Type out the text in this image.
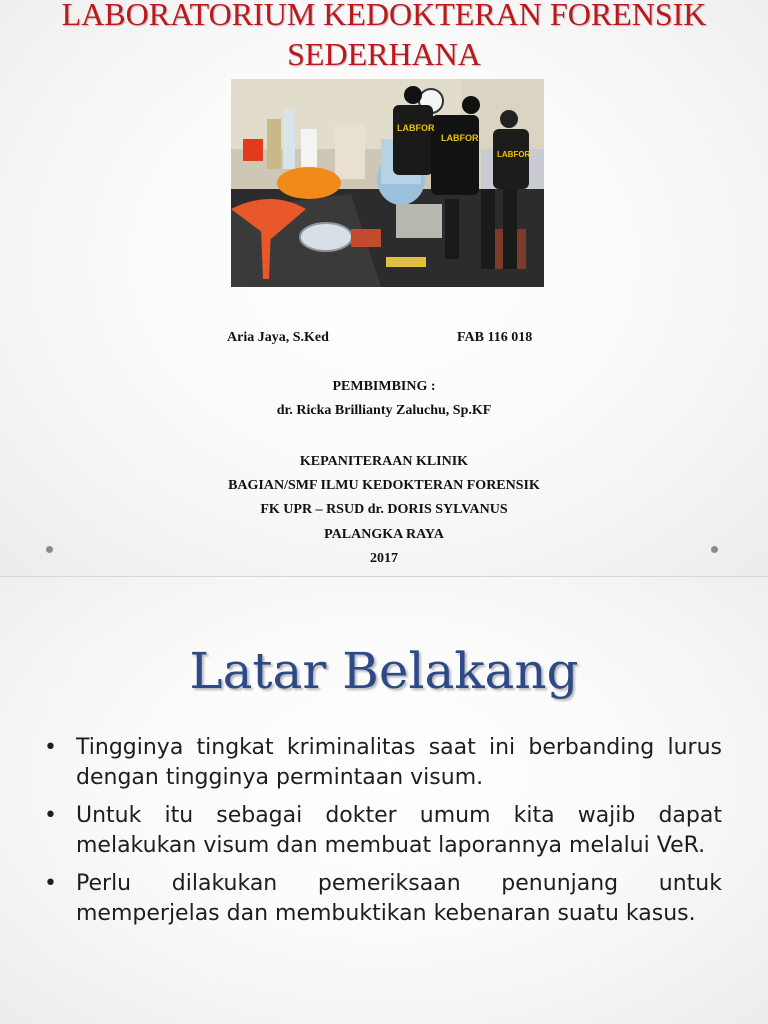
LABORATORIUM KEDOKTERAN FORENSIK
SEDERHANA
LABFOR
LABFOR
LABFOR
Aria Jaya, S.Ked	FAB 116 018
PEMBIMBING :
dr. Ricka Brillianty Zaluchu, Sp.KF
KEPANITERAAN KLINIK
BAGIAN/SMF ILMU KEDOKTERAN FORENSIK
FK UPR – RSUD dr. DORIS SYLVANUS
PALANGKA RAYA
2017
Latar Belakang
• Tingginya tingkat kriminalitas saat ini berbanding lurus dengan tingginya permintaan visum.
• Untuk itu sebagai dokter umum kita wajib dapat melakukan visum dan membuat laporannya melalui VeR.
• Perlu dilakukan pemeriksaan penunjang untuk memperjelas dan membuktikan kebenaran suatu kasus.
